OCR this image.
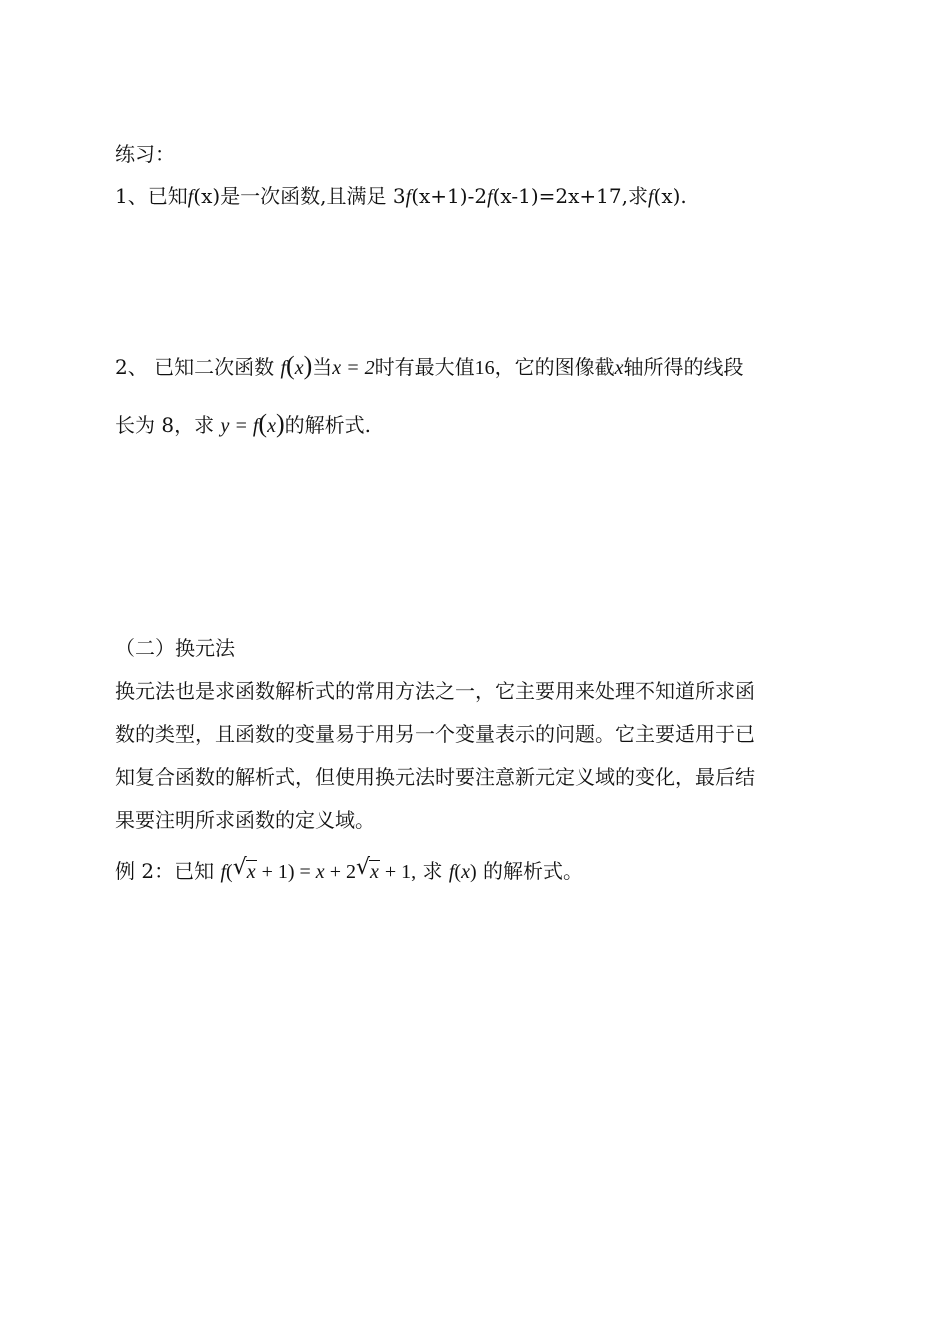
练习：
1、已知f(x)是一次函数,且满足 3f(x+1)-2f(x-1)=2x+17,求f(x).
2、 已知二次函数 f(x)当x = 2时有最大值16，它的图像截x轴所得的线段
长为 8，求 y = f(x)的解析式.
（二）换元法
换元法也是求函数解析式的常用方法之一，它主要用来处理不知道所求函
数的类型，且函数的变量易于用另一个变量表示的问题。它主要适用于已
知复合函数的解析式，但使用换元法时要注意新元定义域的变化，最后结
果要注明所求函数的定义域。
例 2：已知 f( √ x + 1) = x + 2 √ x + 1, 求 f(x) 的解析式。
